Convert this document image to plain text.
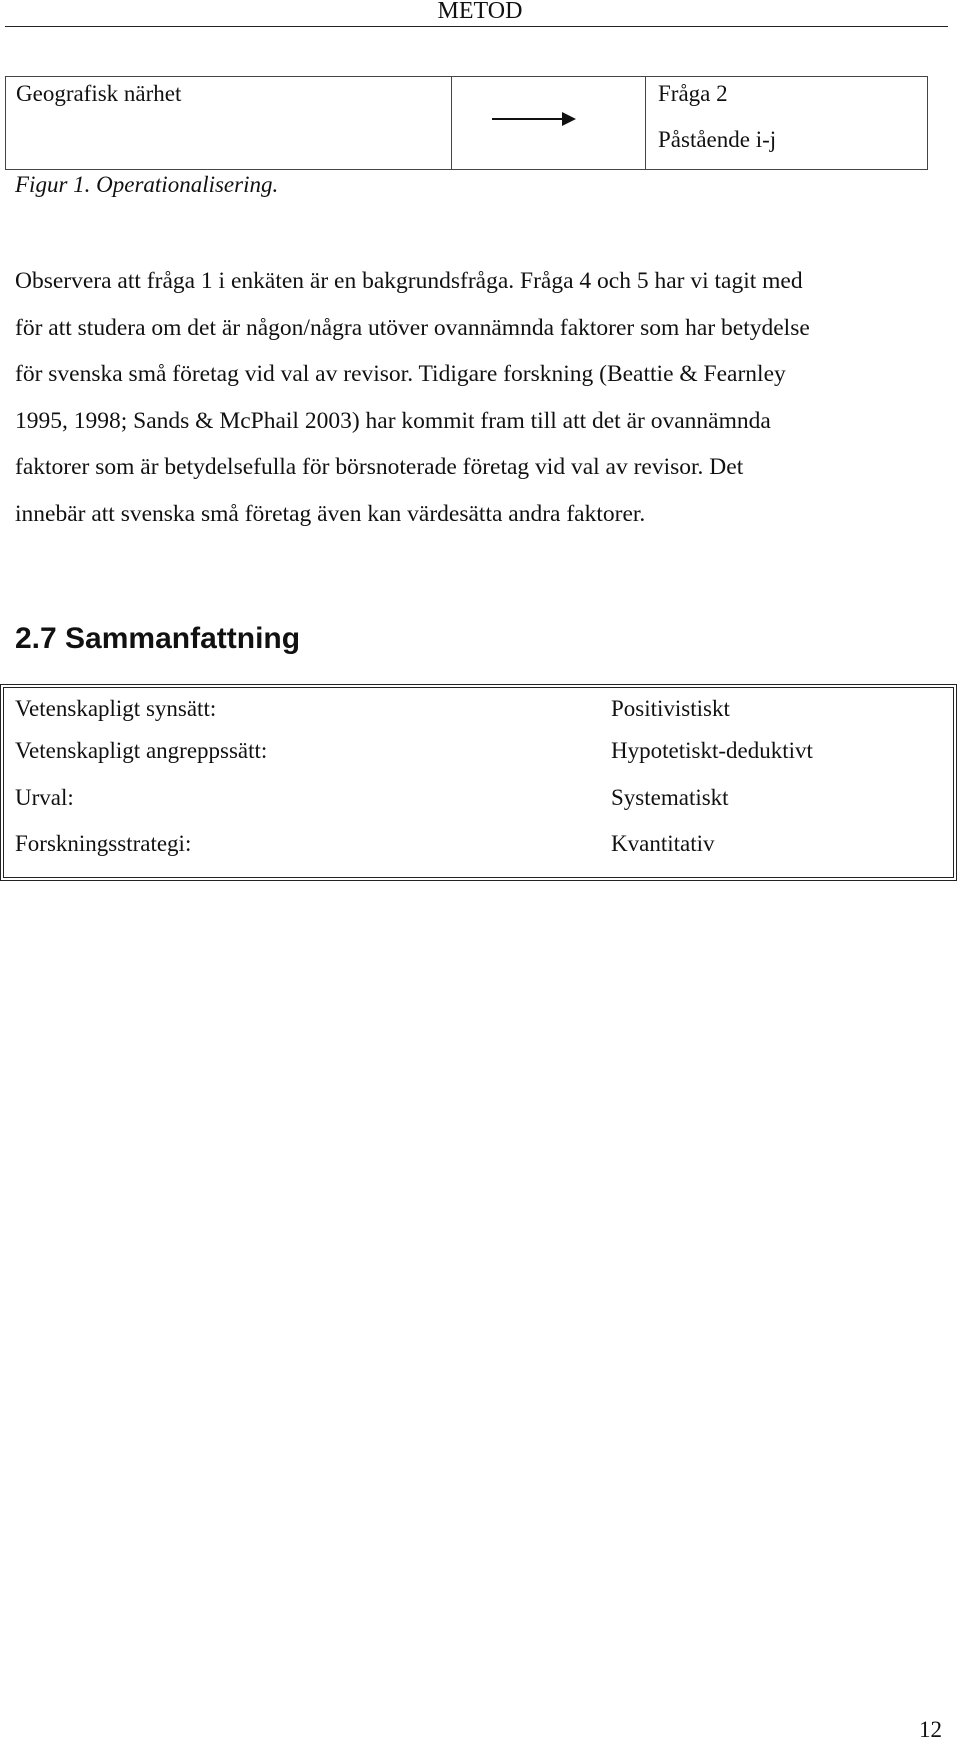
METOD
Geografisk närhet	Fråga 2
Påstående i-j
Figur 1. Operationalisering.
Observera att fråga 1 i enkäten är en bakgrundsfråga. Fråga 4 och 5 har vi tagit med
för att studera om det är någon/några utöver ovannämnda faktorer som har betydelse
för svenska små företag vid val av revisor. Tidigare forskning (Beattie & Fearnley
1995, 1998; Sands & McPhail 2003) har kommit fram till att det är ovannämnda
faktorer som är betydelsefulla för börsnoterade företag vid val av revisor. Det
innebär att svenska små företag även kan värdesätta andra faktorer.
2.7 Sammanfattning
Vetenskapligt synsätt:	Positivistiskt
Vetenskapligt angreppssätt:	Hypotetiskt-deduktivt
Urval:	Systematiskt
Forskningsstrategi:	Kvantitativ
12
